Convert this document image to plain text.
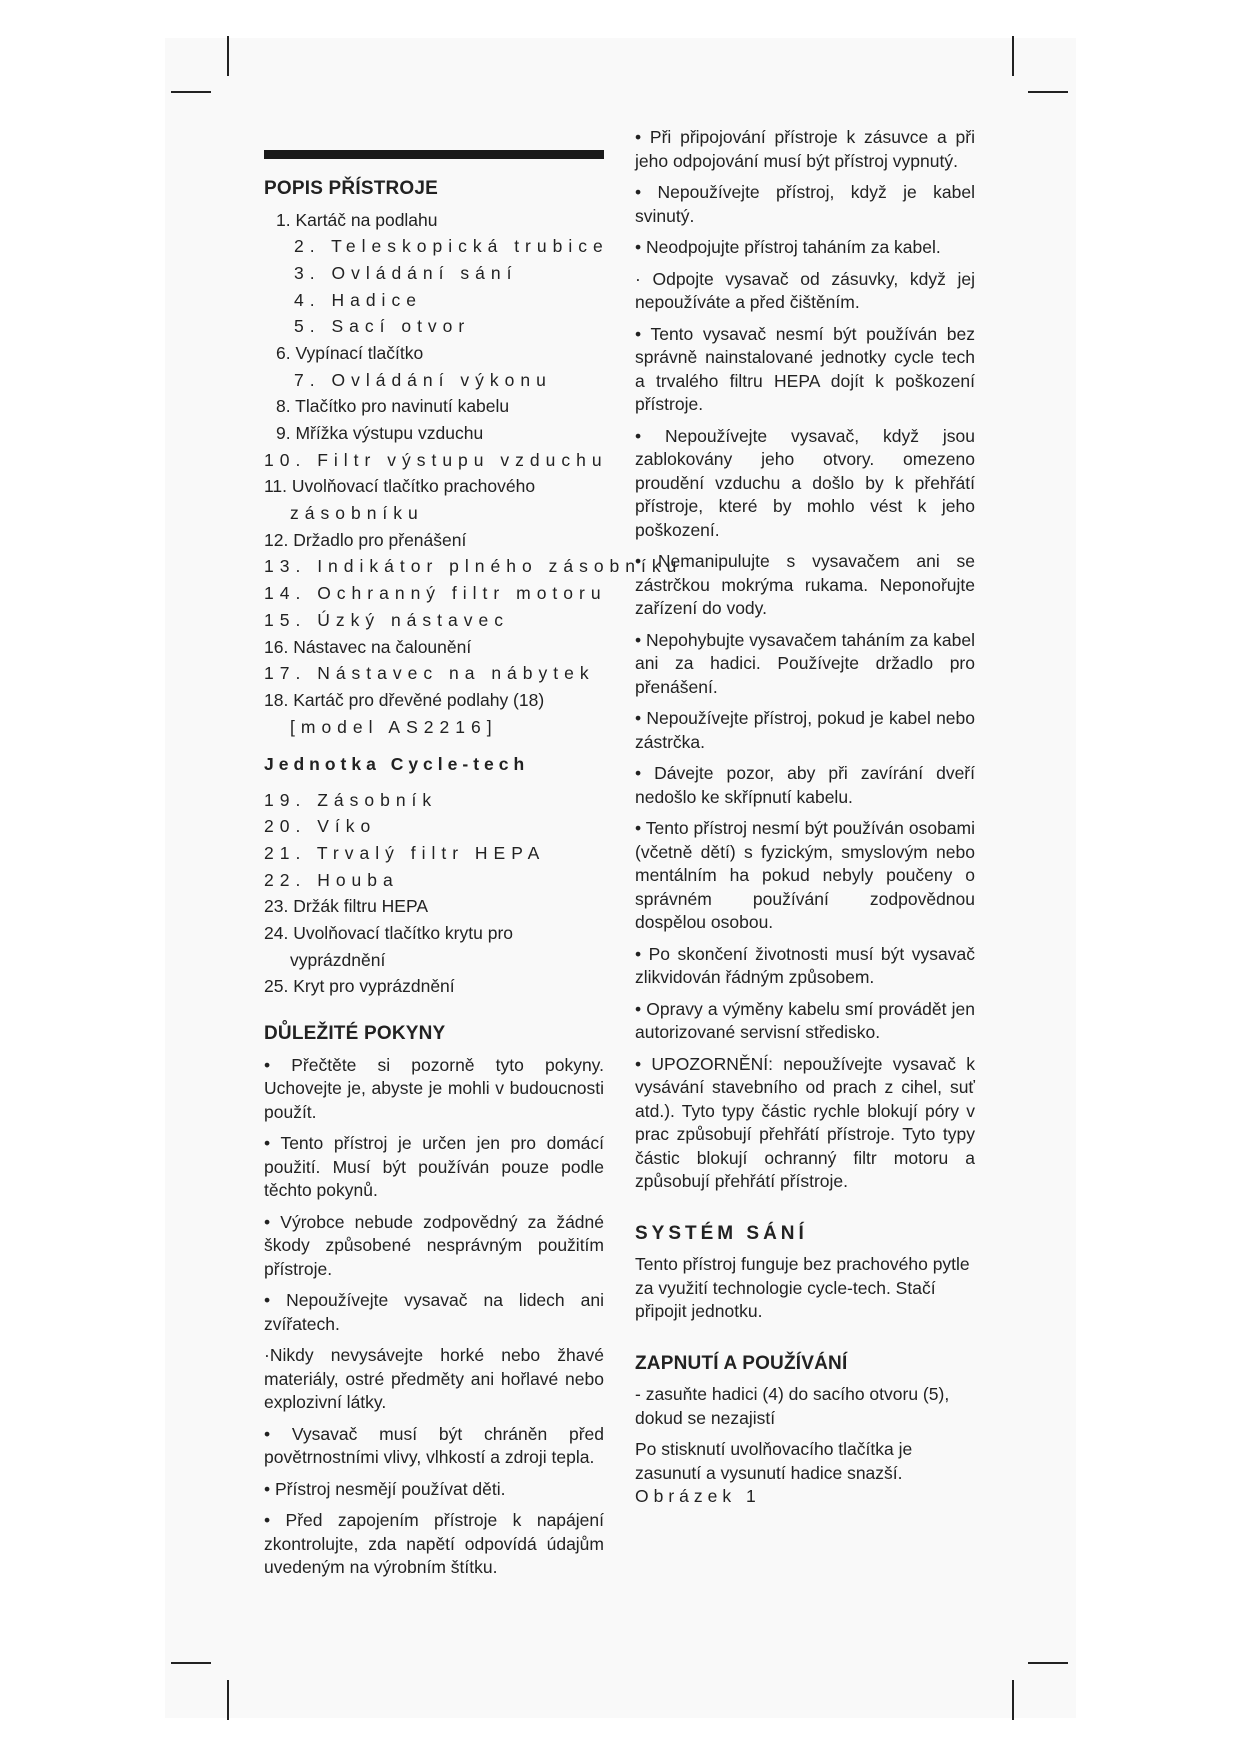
POPIS PŘÍSTROJE
1. Kartáč na podlahu
2. Teleskopická trubice
3. Ovládání sání
4. Hadice
5. Sací otvor
6. Vypínací tlačítko
7. Ovládání výkonu
8. Tlačítko pro navinutí kabelu
9. Mřížka výstupu vzduchu
10. Filtr výstupu vzduchu
11. Uvolňovací tlačítko prachového
zásobníku
12. Držadlo pro přenášení
13. Indikátor plného zásobníku
14. Ochranný filtr motoru
15. Úzký nástavec
16. Nástavec na čalounění
17. Nástavec na nábytek
18. Kartáč pro dřevěné podlahy (18)
[model AS2216]
Jednotka Cycle-tech
19. Zásobník
20. Víko
21. Trvalý filtr HEPA
22. Houba
23. Držák filtru HEPA
24. Uvolňovací tlačítko krytu pro
vyprázdnění
25. Kryt pro vyprázdnění
DŮLEŽITÉ POKYNY
• Přečtěte si pozorně tyto pokyny. Uchovejte je, abyste je mohli v budoucnosti použít.
• Tento přístroj je určen jen pro domácí použití. Musí být používán pouze podle těchto pokynů.
• Výrobce nebude zodpovědný za žádné škody způsobené nesprávným použitím přístroje.
• Nepoužívejte vysavač na lidech ani zvířatech.
·Nikdy nevysávejte horké nebo žhavé materiály, ostré předměty ani hořlavé nebo explozivní látky.
• Vysavač musí být chráněn před povětrnostními vlivy, vlhkostí a zdroji tepla.
• Přístroj nesmějí používat děti.
• Před zapojením přístroje k napájení zkontrolujte, zda napětí odpovídá údajům uvedeným na výrobním štítku.
• Při připojování přístroje k zásuvce a při jeho odpojování musí být přístroj vypnutý.
• Nepoužívejte přístroj, když je kabel svinutý.
• Neodpojujte přístroj taháním za kabel.
· Odpojte vysavač od zásuvky, když jej nepoužíváte a před čištěním.
• Tento vysavač nesmí být používán bez správně nainstalované jednotky cycle tech a trvalého filtru HEPA dojít k poškození přístroje.
• Nepoužívejte vysavač, když jsou zablokovány jeho otvory. omezeno proudění vzduchu a došlo by k přehřátí přístroje, které by mohlo vést k jeho poškození.
• Nemanipulujte s vysavačem ani se zástrčkou mokrýma rukama. Neponořujte zařízení do vody.
• Nepohybujte vysavačem taháním za kabel ani za hadici. Používejte držadlo pro přenášení.
• Nepoužívejte přístroj, pokud je kabel nebo zástrčka.
• Dávejte pozor, aby při zavírání dveří nedošlo ke skřípnutí kabelu.
• Tento přístroj nesmí být používán osobami (včetně dětí) s fyzickým, smyslovým nebo mentálním ha pokud nebyly poučeny o správném používání zodpovědnou dospělou osobou.
• Po skončení životnosti musí být vysavač zlikvidován řádným způsobem.
• Opravy a výměny kabelu smí provádět jen autorizované servisní středisko.
• UPOZORNĚNÍ: nepoužívejte vysavač k vysávání stavebního od prach z cihel, suť atd.). Tyto typy částic rychle blokují póry v prac způsobují přehřátí přístroje. Tyto typy částic blokují ochranný filtr motoru a způsobují přehřátí přístroje.
SYSTÉM SÁNÍ

Tento přístroj funguje bez prachového pytle za využití technologie cycle-tech. Stačí připojit jednotku.

ZAPNUTÍ A POUŽÍVÁNÍ

- zasuňte hadici (4) do sacího otvoru (5), dokud se nezajistí

Po stisknutí uvolňovacího tlačítka je zasunutí a vysunutí hadice snazší.

Obrázek 1
